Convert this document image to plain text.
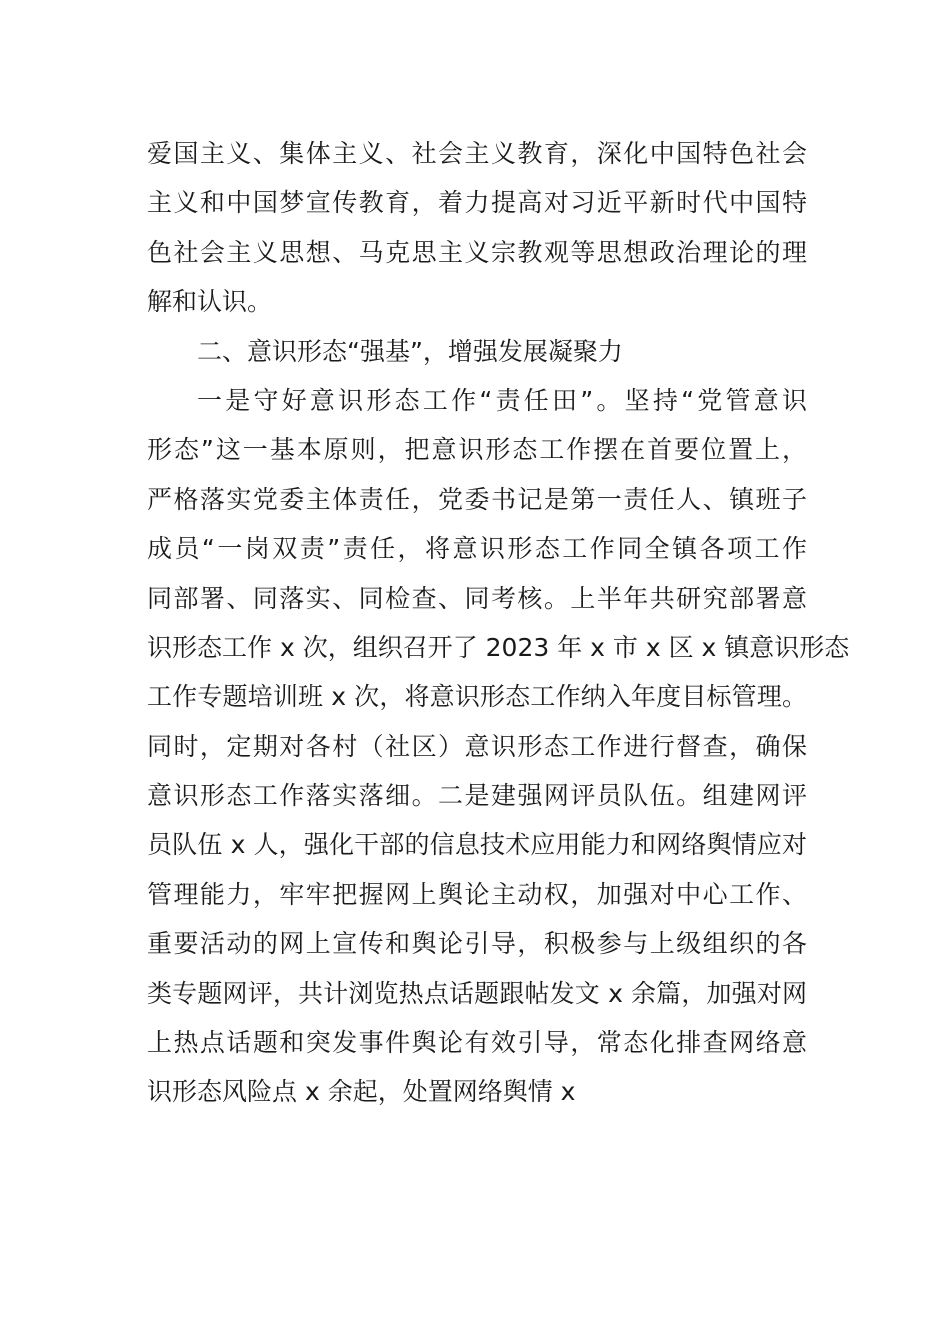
爱国主义、集体主义、社会主义教育，深化中国特色社会
主义和中国梦宣传教育，着力提高对习近平新时代中国特
色社会主义思想、马克思主义宗教观等思想政治理论的理
解和认识。
二、意识形态“强基”，增强发展凝聚力
一是守好意识形态工作“责任田”。坚持“党管意识
形态”这一基本原则，把意识形态工作摆在首要位置上，
严格落实党委主体责任，党委书记是第一责任人、镇班子
成员“一岗双责”责任，将意识形态工作同全镇各项工作
同部署、同落实、同检查、同考核。上半年共研究部署意
识形态工作 x 次，组织召开了 2023 年 x 市 x 区 x 镇意识形态
工作专题培训班 x 次，将意识形态工作纳入年度目标管理。
同时，定期对各村（社区）意识形态工作进行督查，确保
意识形态工作落实落细。二是建强网评员队伍。组建网评
员队伍 x 人，强化干部的信息技术应用能力和网络舆情应对
管理能力，牢牢把握网上舆论主动权，加强对中心工作、
重要活动的网上宣传和舆论引导，积极参与上级组织的各
类专题网评，共计浏览热点话题跟帖发文 x 余篇，加强对网
上热点话题和突发事件舆论有效引导，常态化排查网络意
识形态风险点 x 余起，处置网络舆情 x
